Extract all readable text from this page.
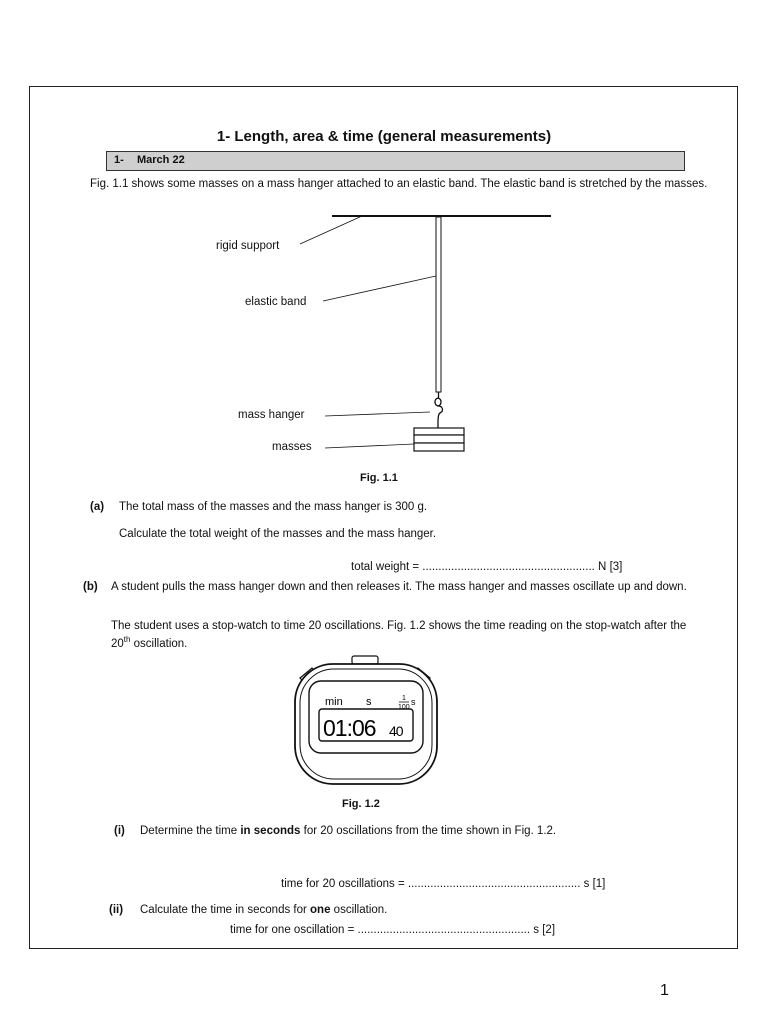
1- Length, area & time (general measurements)
1- March 22
Fig. 1.1 shows some masses on a mass hanger attached to an elastic band. The elastic band is stretched by the masses.
rigid support
elastic band
mass hanger
masses
Fig. 1.1
(a) The total mass of the masses and the mass hanger is 300 g.
Calculate the total weight of the masses and the mass hanger.
total weight = ...................................................... N [3]
(b) A student pulls the mass hanger down and then releases it. The mass hanger and masses oscillate up and down.
The student uses a stop-watch to time 20 oscillations. Fig. 1.2 shows the time reading on the stop-watch after the 20th oscillation.
min s	1
100
s
01:06 40
Fig. 1.2
(i) Determine the time in seconds for 20 oscillations from the time shown in Fig. 1.2.
time for 20 oscillations = ...................................................... s [1]
(ii) Calculate the time in seconds for one oscillation.
time for one oscillation = ...................................................... s [2]
1
